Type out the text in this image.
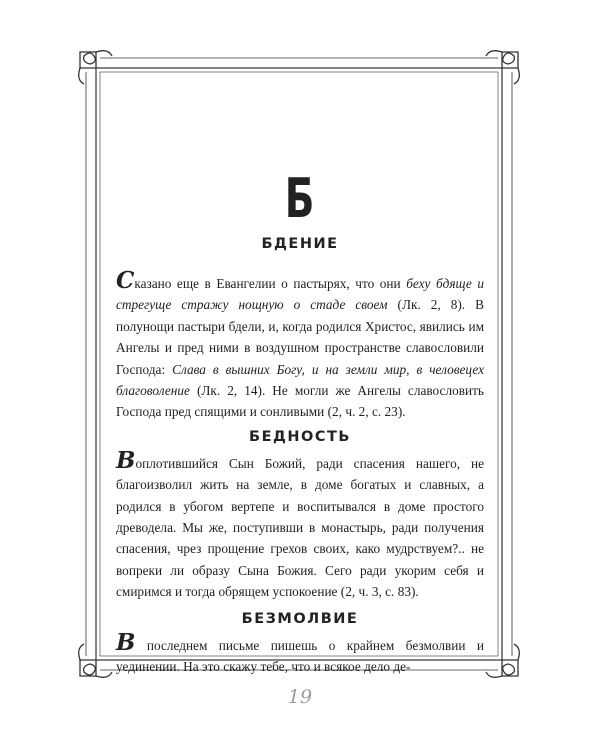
Б
БДЕНИЕ

Сказано еще в Евангелии о пастырях, что они беху бдяще и стрегуще стражу нощную о стаде своем (Лк. 2, 8). В полунощи пастыри бдели, и, когда родился Христос, явились им Ангелы и пред ними в воздушном пространстве славословили Господа: Слава в вышних Богу, и на земли мир, в человецех благоволение (Лк. 2, 14). Не могли же Ангелы славословить Господа пред спящими и сонливыми (2, ч. 2, с. 23).

БЕДНОСТЬ

Воплотившийся Сын Божий, ради спасения нашего, не благоизволил жить на земле, в доме богатых и славных, а родился в убогом вертепе и воспитывался в доме простого древодела. Мы же, поступивши в монастырь, ради получения спасения, чрез прощение грехов своих, како мудрствуем?.. не вопреки ли образу Сына Божия. Сего ради укорим себя и смиримся и тогда обрящем успокоение (2, ч. 3, с. 83).

БЕЗМОЛВИЕ

В последнем письме пишешь о крайнем безмолвии и уединении. На это скажу тебе, что и всякое дело де-

19
